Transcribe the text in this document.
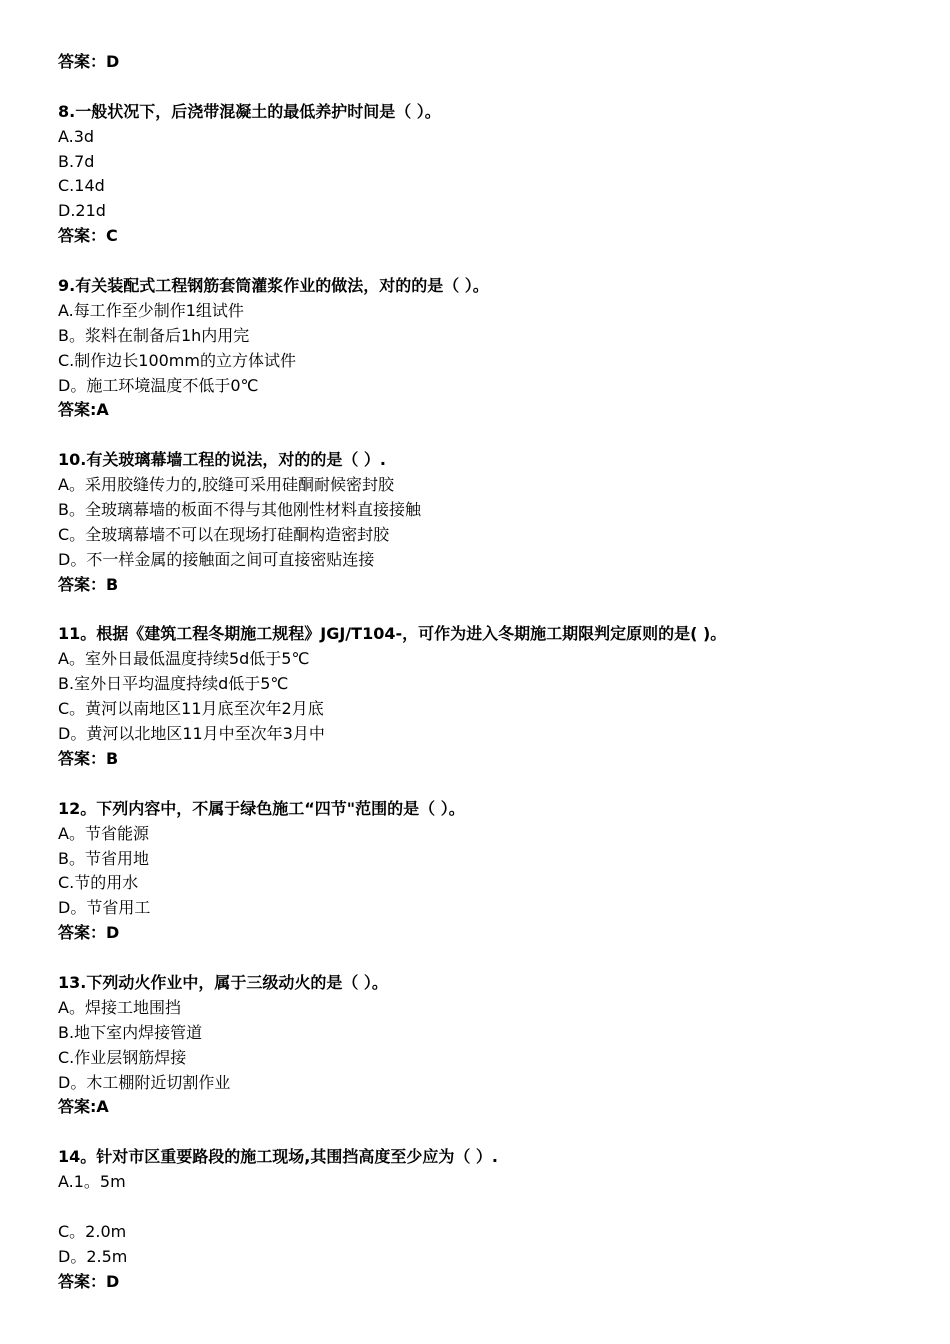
答案：D
8.一般状况下，后浇带混凝土的最低养护时间是（ ）。
A.3d
B.7d
C.14d
D.21d
答案：C
9.有关装配式工程钢筋套筒灌浆作业的做法，对的的是（ ）。
A.每工作至少制作1组试件
B。浆料在制备后1h内用完
C.制作边长100mm的立方体试件
D。施工环境温度不低于0℃
答案:A
10.有关玻璃幕墙工程的说法，对的的是（ ）.
A。采用胶缝传力的,胶缝可采用硅酮耐候密封胶
B。全玻璃幕墙的板面不得与其他刚性材料直接接触
C。全玻璃幕墙不可以在现场打硅酮构造密封胶
D。不一样金属的接触面之间可直接密贴连接
答案：B
11。根据《建筑工程冬期施工规程》JGJ/T104-，可作为进入冬期施工期限判定原则的是( )。
A。室外日最低温度持续5d低于5℃
B.室外日平均温度持续d低于5℃
C。黄河以南地区11月底至次年2月底
D。黄河以北地区11月中至次年3月中
答案：B
12。下列内容中，不属于绿色施工“四节"范围的是（ ）。
A。节省能源
B。节省用地
C.节的用水
D。节省用工
答案：D
13.下列动火作业中，属于三级动火的是（ ）。
A。焊接工地围挡
B.地下室内焊接管道
C.作业层钢筋焊接
D。木工棚附近切割作业
答案:A
14。针对市区重要路段的施工现场,其围挡高度至少应为（ ）.
A.1。5m
C。2.0m
D。2.5m
答案：D
